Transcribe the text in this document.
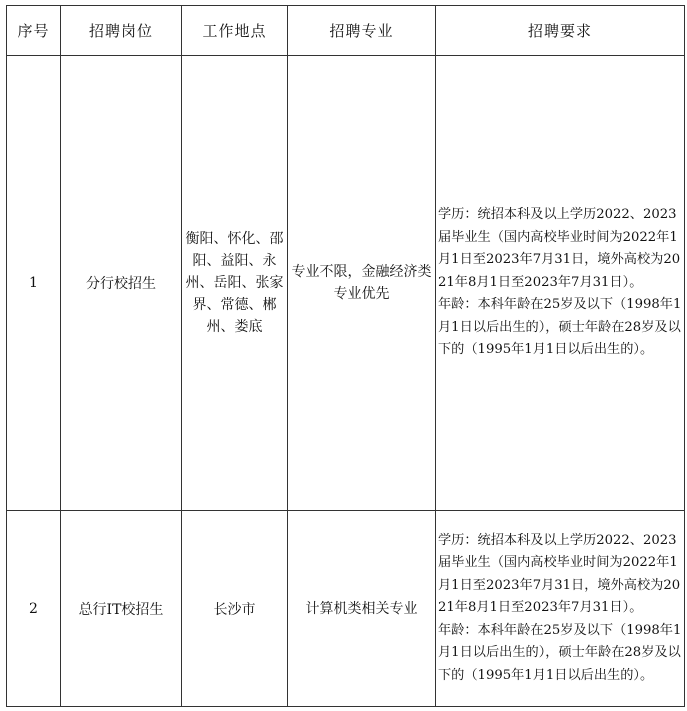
序号	招聘岗位	工作地点	招聘专业	招聘要求
1	分行校招生	衡阳、怀化、邵阳、益阳、永州、岳阳、张家界、常德、郴州、娄底	专业不限，金融经济类专业优先	学历：统招本科及以上学历2022、2023届毕业生（国内高校毕业时间为2022年1月1日至2023年7月31日，境外高校为2021年8月1日至2023年7月31日）。

年龄：本科年龄在25岁及以下（1998年1月1日以后出生的），硕士年龄在28岁及以下的（1995年1月1日以后出生的）。

2	总行IT校招生	长沙市	计算机类相关专业	学历：统招本科及以上学历2022、2023届毕业生（国内高校毕业时间为2022年1月1日至2023年7月31日，境外高校为2021年8月1日至2023年7月31日）。

年龄：本科年龄在25岁及以下（1998年1月1日以后出生的），硕士年龄在28岁及以下的（1995年1月1日以后出生的）。
